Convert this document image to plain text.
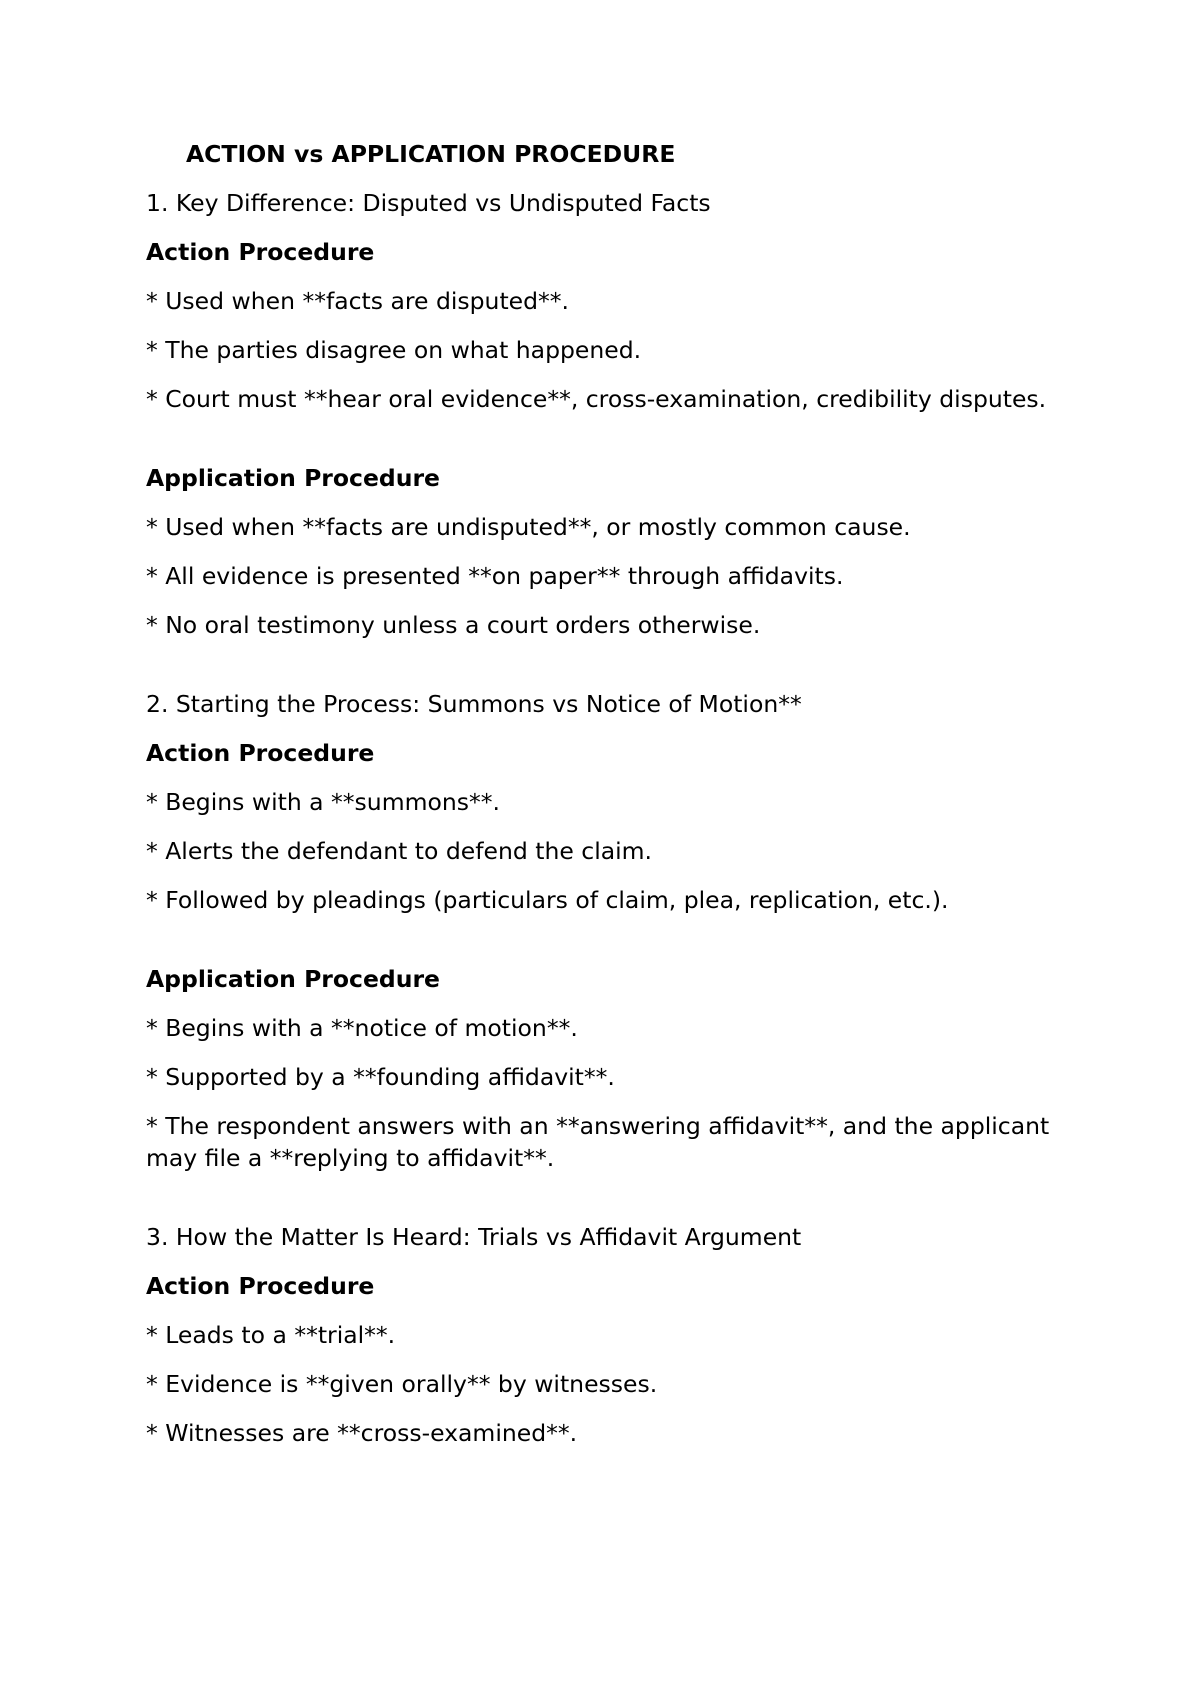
ACTION vs APPLICATION PROCEDURE

1. Key Difference: Disputed vs Undisputed Facts

Action Procedure

* Used when **facts are disputed**.

* The parties disagree on what happened.

* Court must **hear oral evidence**, cross-examination, credibility disputes.

Application Procedure

* Used when **facts are undisputed**, or mostly common cause.

* All evidence is presented **on paper** through affidavits.

* No oral testimony unless a court orders otherwise.

2. Starting the Process: Summons vs Notice of Motion**

Action Procedure

* Begins with a **summons**.

* Alerts the defendant to defend the claim.

* Followed by pleadings (particulars of claim, plea, replication, etc.).

Application Procedure

* Begins with a **notice of motion**.

* Supported by a **founding affidavit**.

* The respondent answers with an **answering affidavit**, and the applicant may file a **replying to affidavit**.

3. How the Matter Is Heard: Trials vs Affidavit Argument

Action Procedure

* Leads to a **trial**.

* Evidence is **given orally** by witnesses.

* Witnesses are **cross-examined**.
